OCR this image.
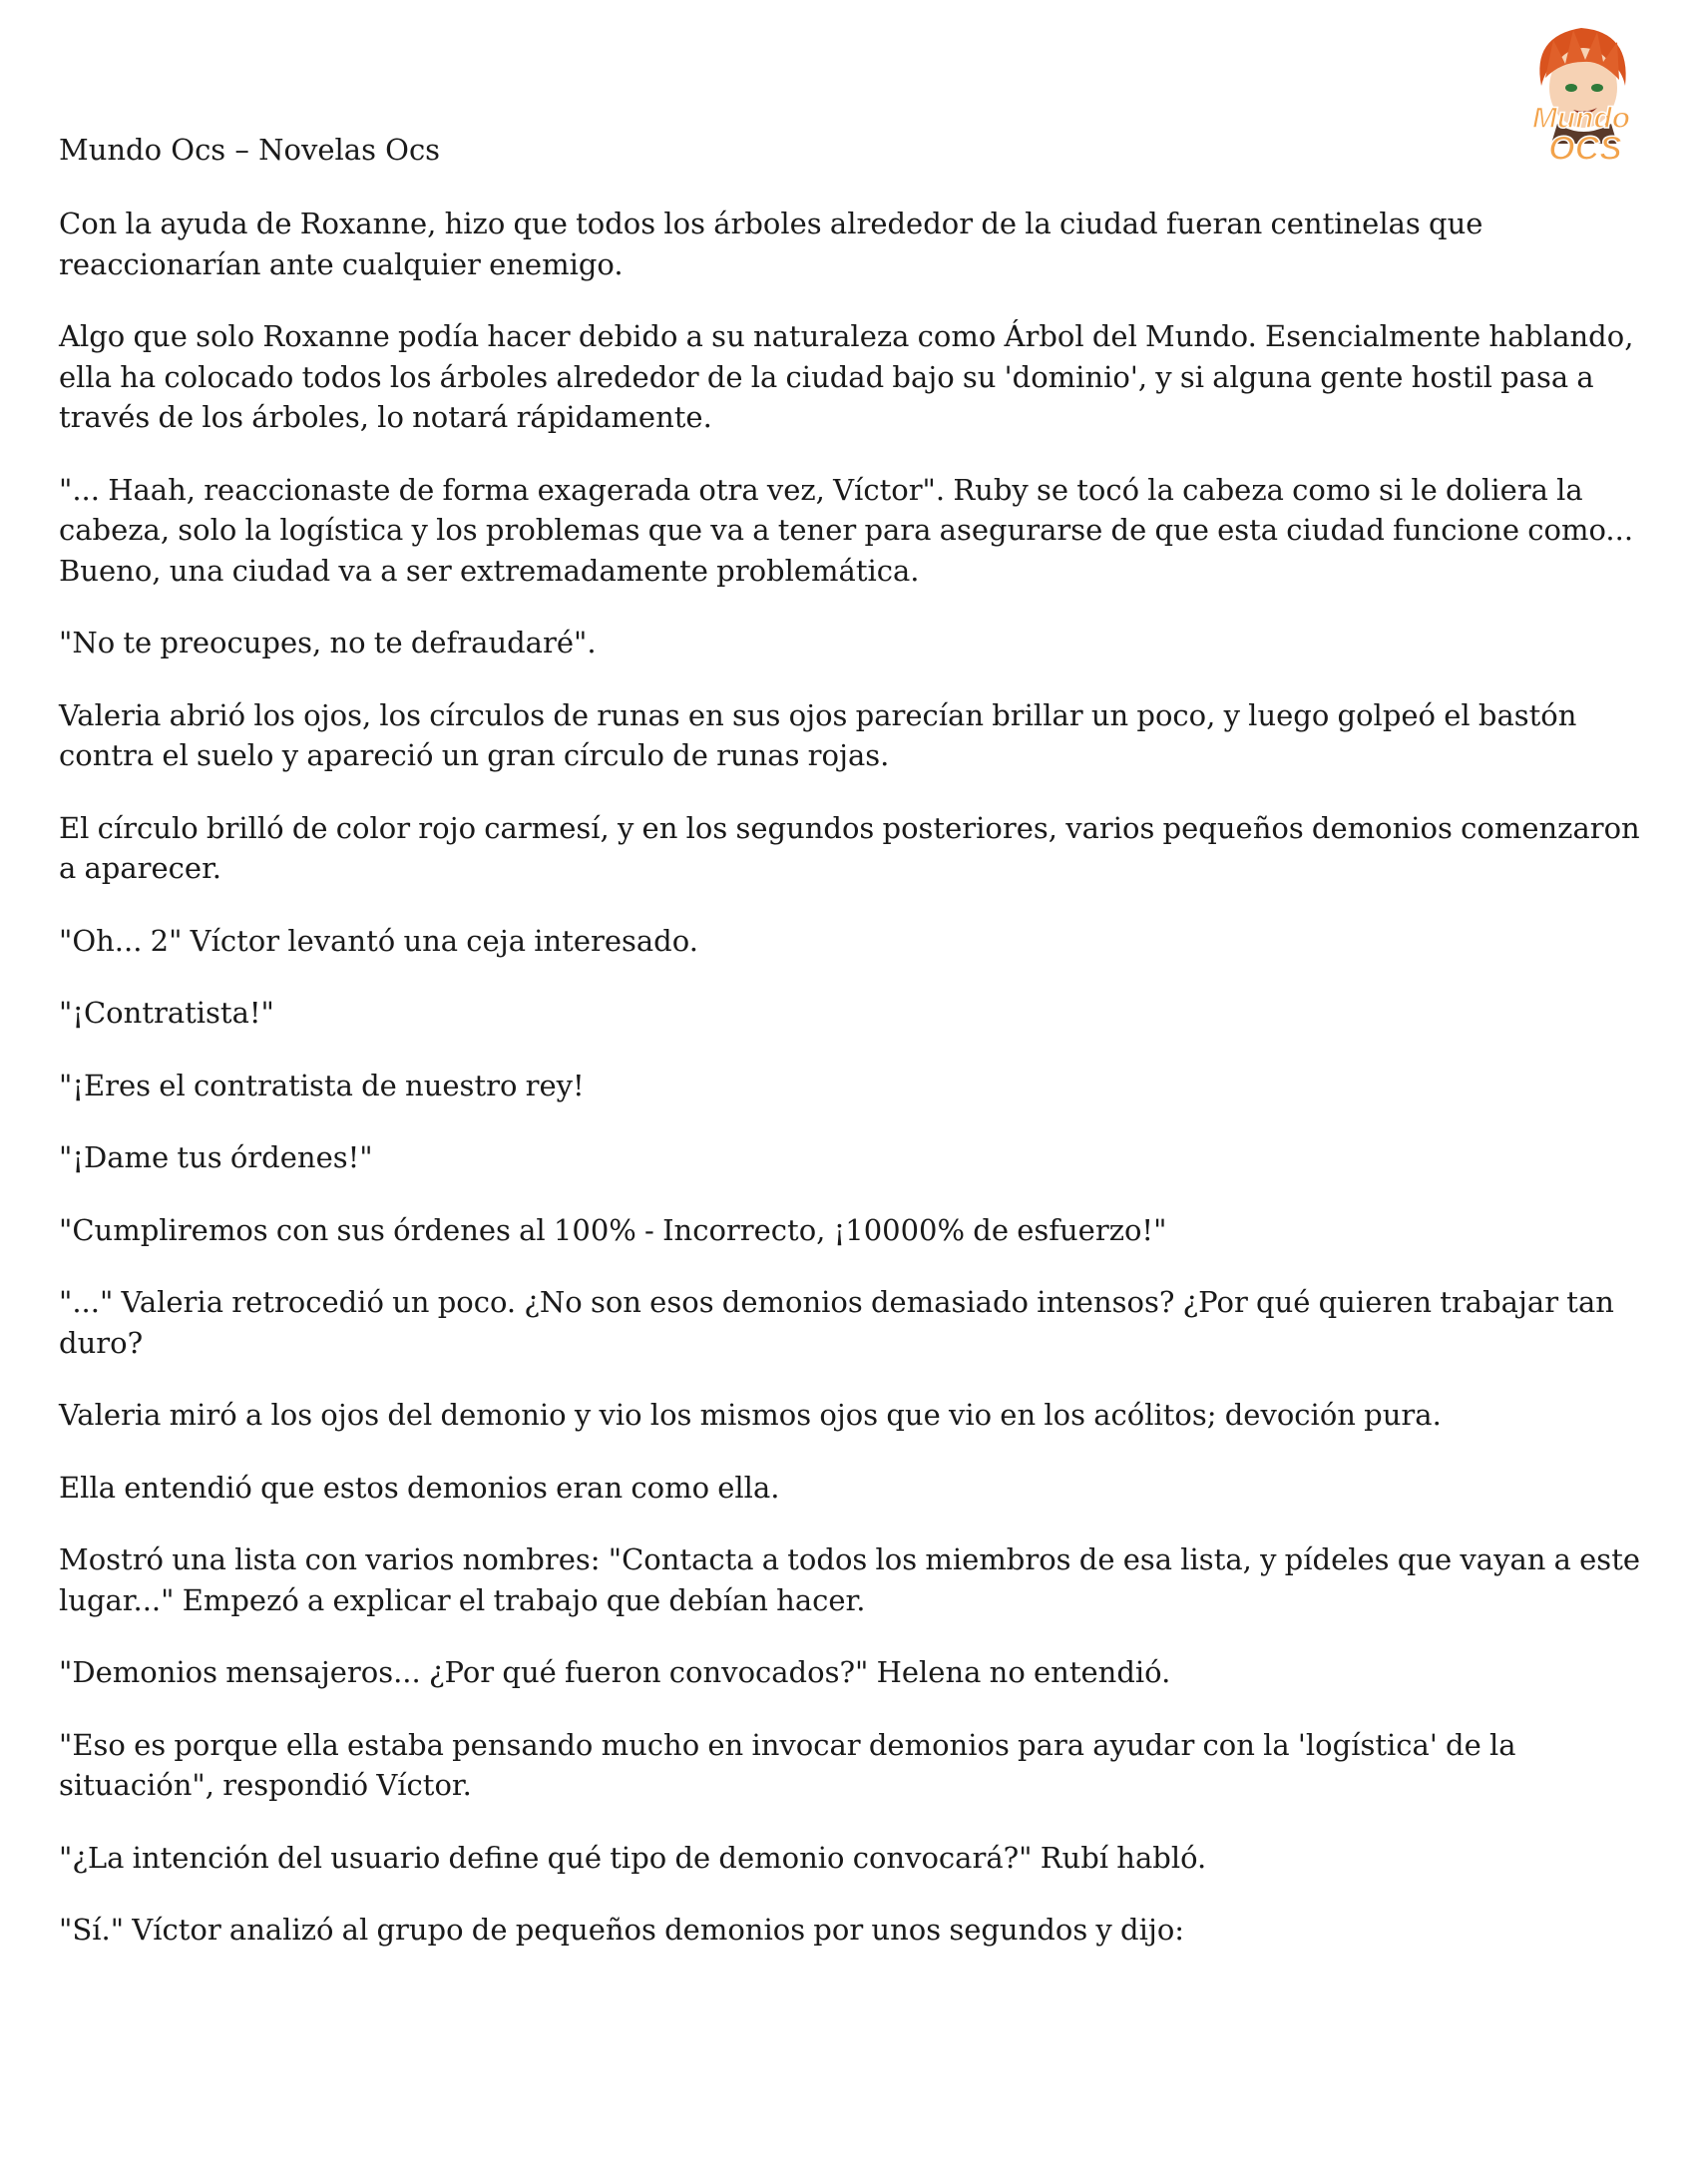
Mundo Ocs – Novelas Ocs
Mundo
OCS

Con la ayuda de Roxanne, hizo que todos los árboles alrededor de la ciudad fueran centinelas que reaccionarían ante cualquier enemigo.

Algo que solo Roxanne podía hacer debido a su naturaleza como Árbol del Mundo. Esencialmente hablando, ella ha colocado todos los árboles alrededor de la ciudad bajo su 'dominio', y si alguna gente hostil pasa a través de los árboles, lo notará rápidamente.

"... Haah, reaccionaste de forma exagerada otra vez, Víctor". Ruby se tocó la cabeza como si le doliera la cabeza, solo la logística y los problemas que va a tener para asegurarse de que esta ciudad funcione como... Bueno, una ciudad va a ser extremadamente problemática.

"No te preocupes, no te defraudaré".

Valeria abrió los ojos, los círculos de runas en sus ojos parecían brillar un poco, y luego golpeó el bastón contra el suelo y apareció un gran círculo de runas rojas.

El círculo brilló de color rojo carmesí, y en los segundos posteriores, varios pequeños demonios comenzaron a aparecer.

"Oh... 2" Víctor levantó una ceja interesado.

"¡Contratista!"

"¡Eres el contratista de nuestro rey!

"¡Dame tus órdenes!"

"Cumpliremos con sus órdenes al 100% - Incorrecto, ¡10000% de esfuerzo!"

"..." Valeria retrocedió un poco. ¿No son esos demonios demasiado intensos? ¿Por qué quieren trabajar tan duro?

Valeria miró a los ojos del demonio y vio los mismos ojos que vio en los acólitos; devoción pura.

Ella entendió que estos demonios eran como ella.

Mostró una lista con varios nombres: "Contacta a todos los miembros de esa lista, y pídeles que vayan a este lugar..." Empezó a explicar el trabajo que debían hacer.

"Demonios mensajeros... ¿Por qué fueron convocados?" Helena no entendió.

"Eso es porque ella estaba pensando mucho en invocar demonios para ayudar con la 'logística' de la situación", respondió Víctor.

"¿La intención del usuario define qué tipo de demonio convocará?" Rubí habló.

"Sí." Víctor analizó al grupo de pequeños demonios por unos segundos y dijo:
